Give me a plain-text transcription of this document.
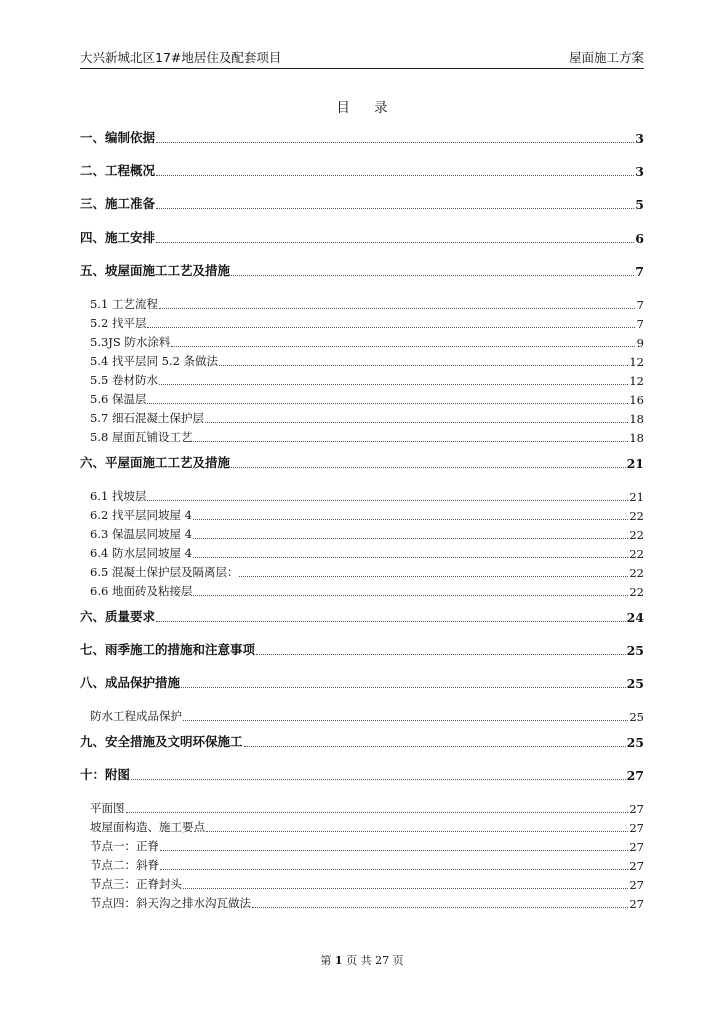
大兴新城北区17#地居住及配套项目	屋面施工方案
目 录
一、编制依据	3
二、工程概况	3
三、施工准备	5
四、施工安排	6
五、坡屋面施工工艺及措施	7
5.1 工艺流程	7
5.2 找平层	7
5.3JS 防水涂料	9
5.4 找平层同 5.2 条做法	12
5.5 卷材防水	12
5.6 保温层	16
5.7 细石混凝土保护层	18
5.8 屋面瓦铺设工艺	18
六、平屋面施工工艺及措施	21
6.1 找坡层	21
6.2 找平层同坡屋 4	22
6.3 保温层同坡屋 4	22
6.4 防水层同坡屋 4	22
6.5 混凝土保护层及隔离层：	22
6.6 地面砖及粘接层	22
六、质量要求	24
七、雨季施工的措施和注意事项	25
八、成品保护措施	25
防水工程成品保护	25
九、安全措施及文明环保施工	25
十：附图	27
平面图	27
坡屋面构造、施工要点	27
节点一：正脊	27
节点二：斜脊	27
节点三：正脊封头	27
节点四：斜天沟之排水沟瓦做法	27
第 1 页 共 27 页
